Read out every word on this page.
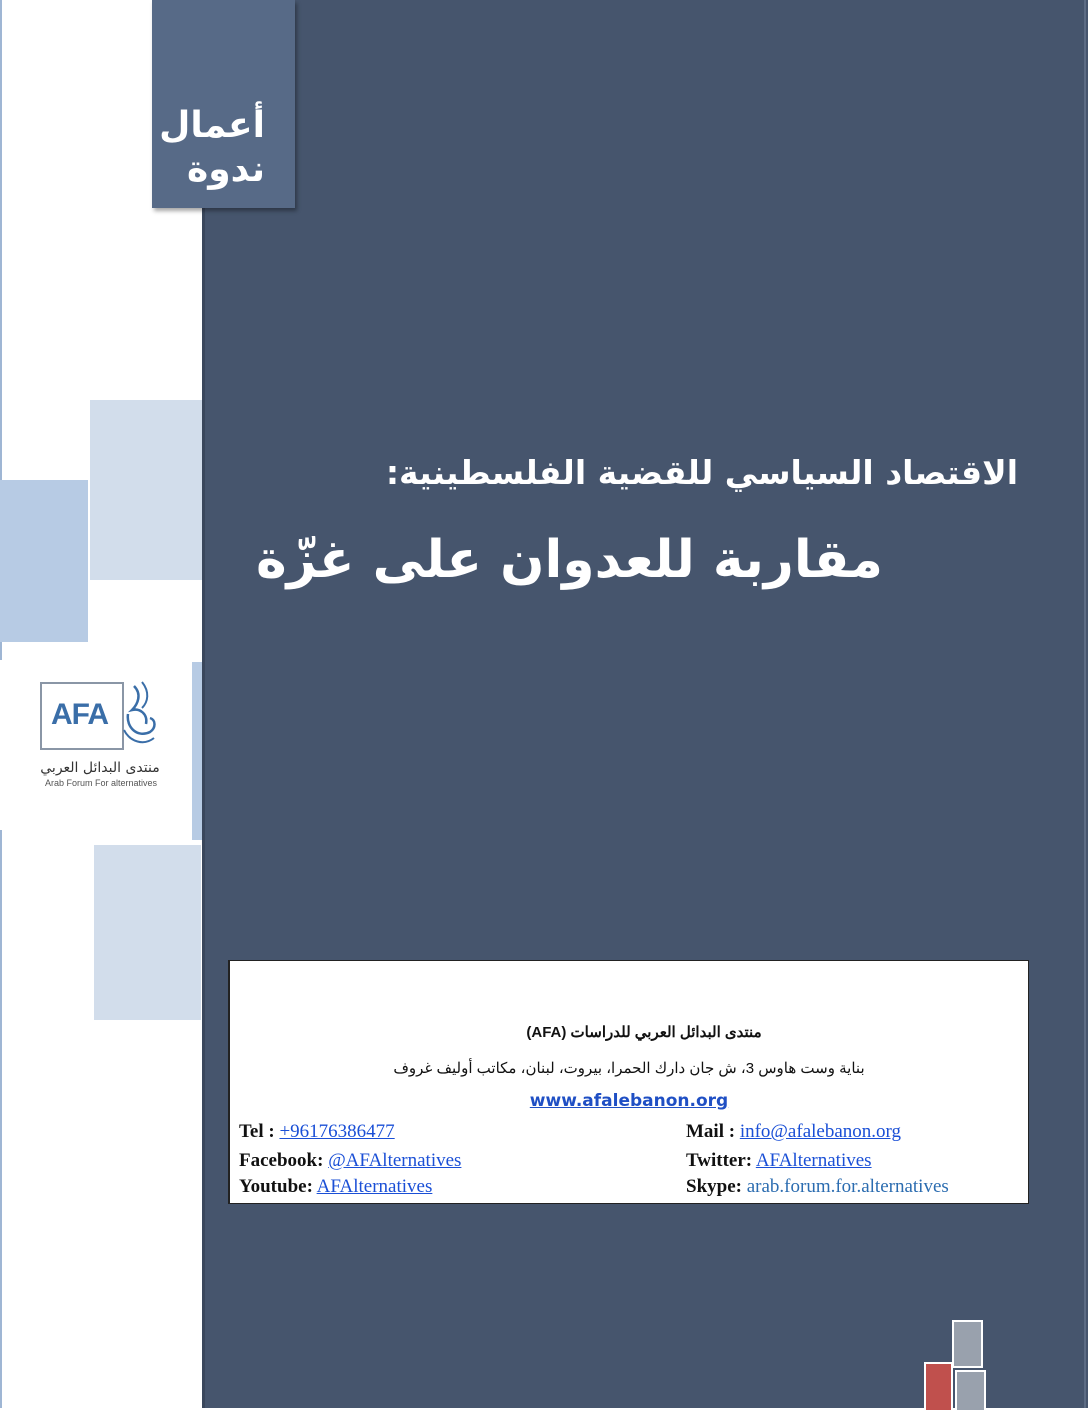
أعمال
ندوة
AFA
منتدى البدائل العربي
Arab Forum For alternatives
الاقتصاد السياسي للقضية الفلسطينية:
مقاربة للعدوان على غزّة
منتدى البدائل العربي للدراسات (AFA)
بناية وست هاوس 3، ش جان دارك الحمرا، بيروت، لبنان، مكاتب أوليف غروف
www.afalebanon.org
Tel : +96176386477
Facebook: @AFAlternatives
Youtube: AFAlternatives
Mail : info@afalebanon.org
Twitter: AFAlternatives
Skype: arab.forum.for.alternatives
